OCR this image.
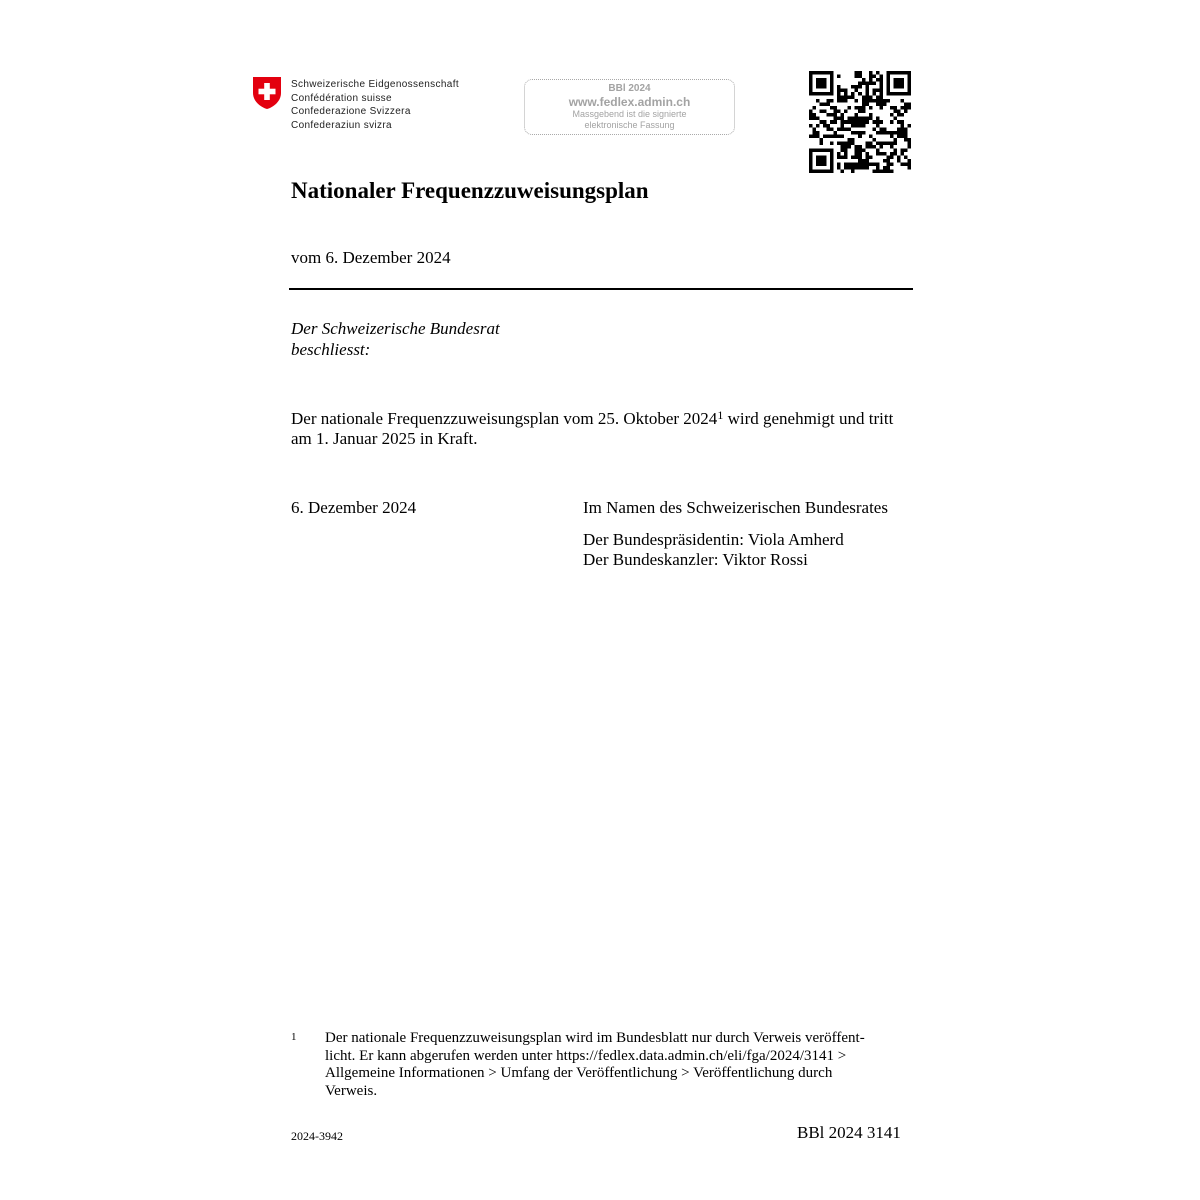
Schweizerische Eidgenossenschaft
Confédération suisse
Confederazione Svizzera
Confederaziun svizra
BBl 2024
www.fedlex.admin.ch
Massgebend ist die signierte
elektronische Fassung
Nationaler Frequenzzuweisungsplan
vom 6. Dezember 2024
Der Schweizerische Bundesrat
beschliesst:
Der nationale Frequenzzuweisungsplan vom 25. Oktober 2024$^1$ wird genehmigt und tritt am 1. Januar 2025 in Kraft.
6. Dezember 2024	Im Namen des Schweizerischen Bundesrates
Der Bundespräsidentin: Viola Amherd
Der Bundeskanzler: Viktor Rossi
1 Der nationale Frequenzzuweisungsplan wird im Bundesblatt nur durch Verweis veröffent-
licht. Er kann abgerufen werden unter https://fedlex.data.admin.ch/eli/fga/2024/3141 >
Allgemeine Informationen > Umfang der Veröffentlichung > Veröffentlichung durch
Verweis.
2024-3942	BBl 2024 3141
